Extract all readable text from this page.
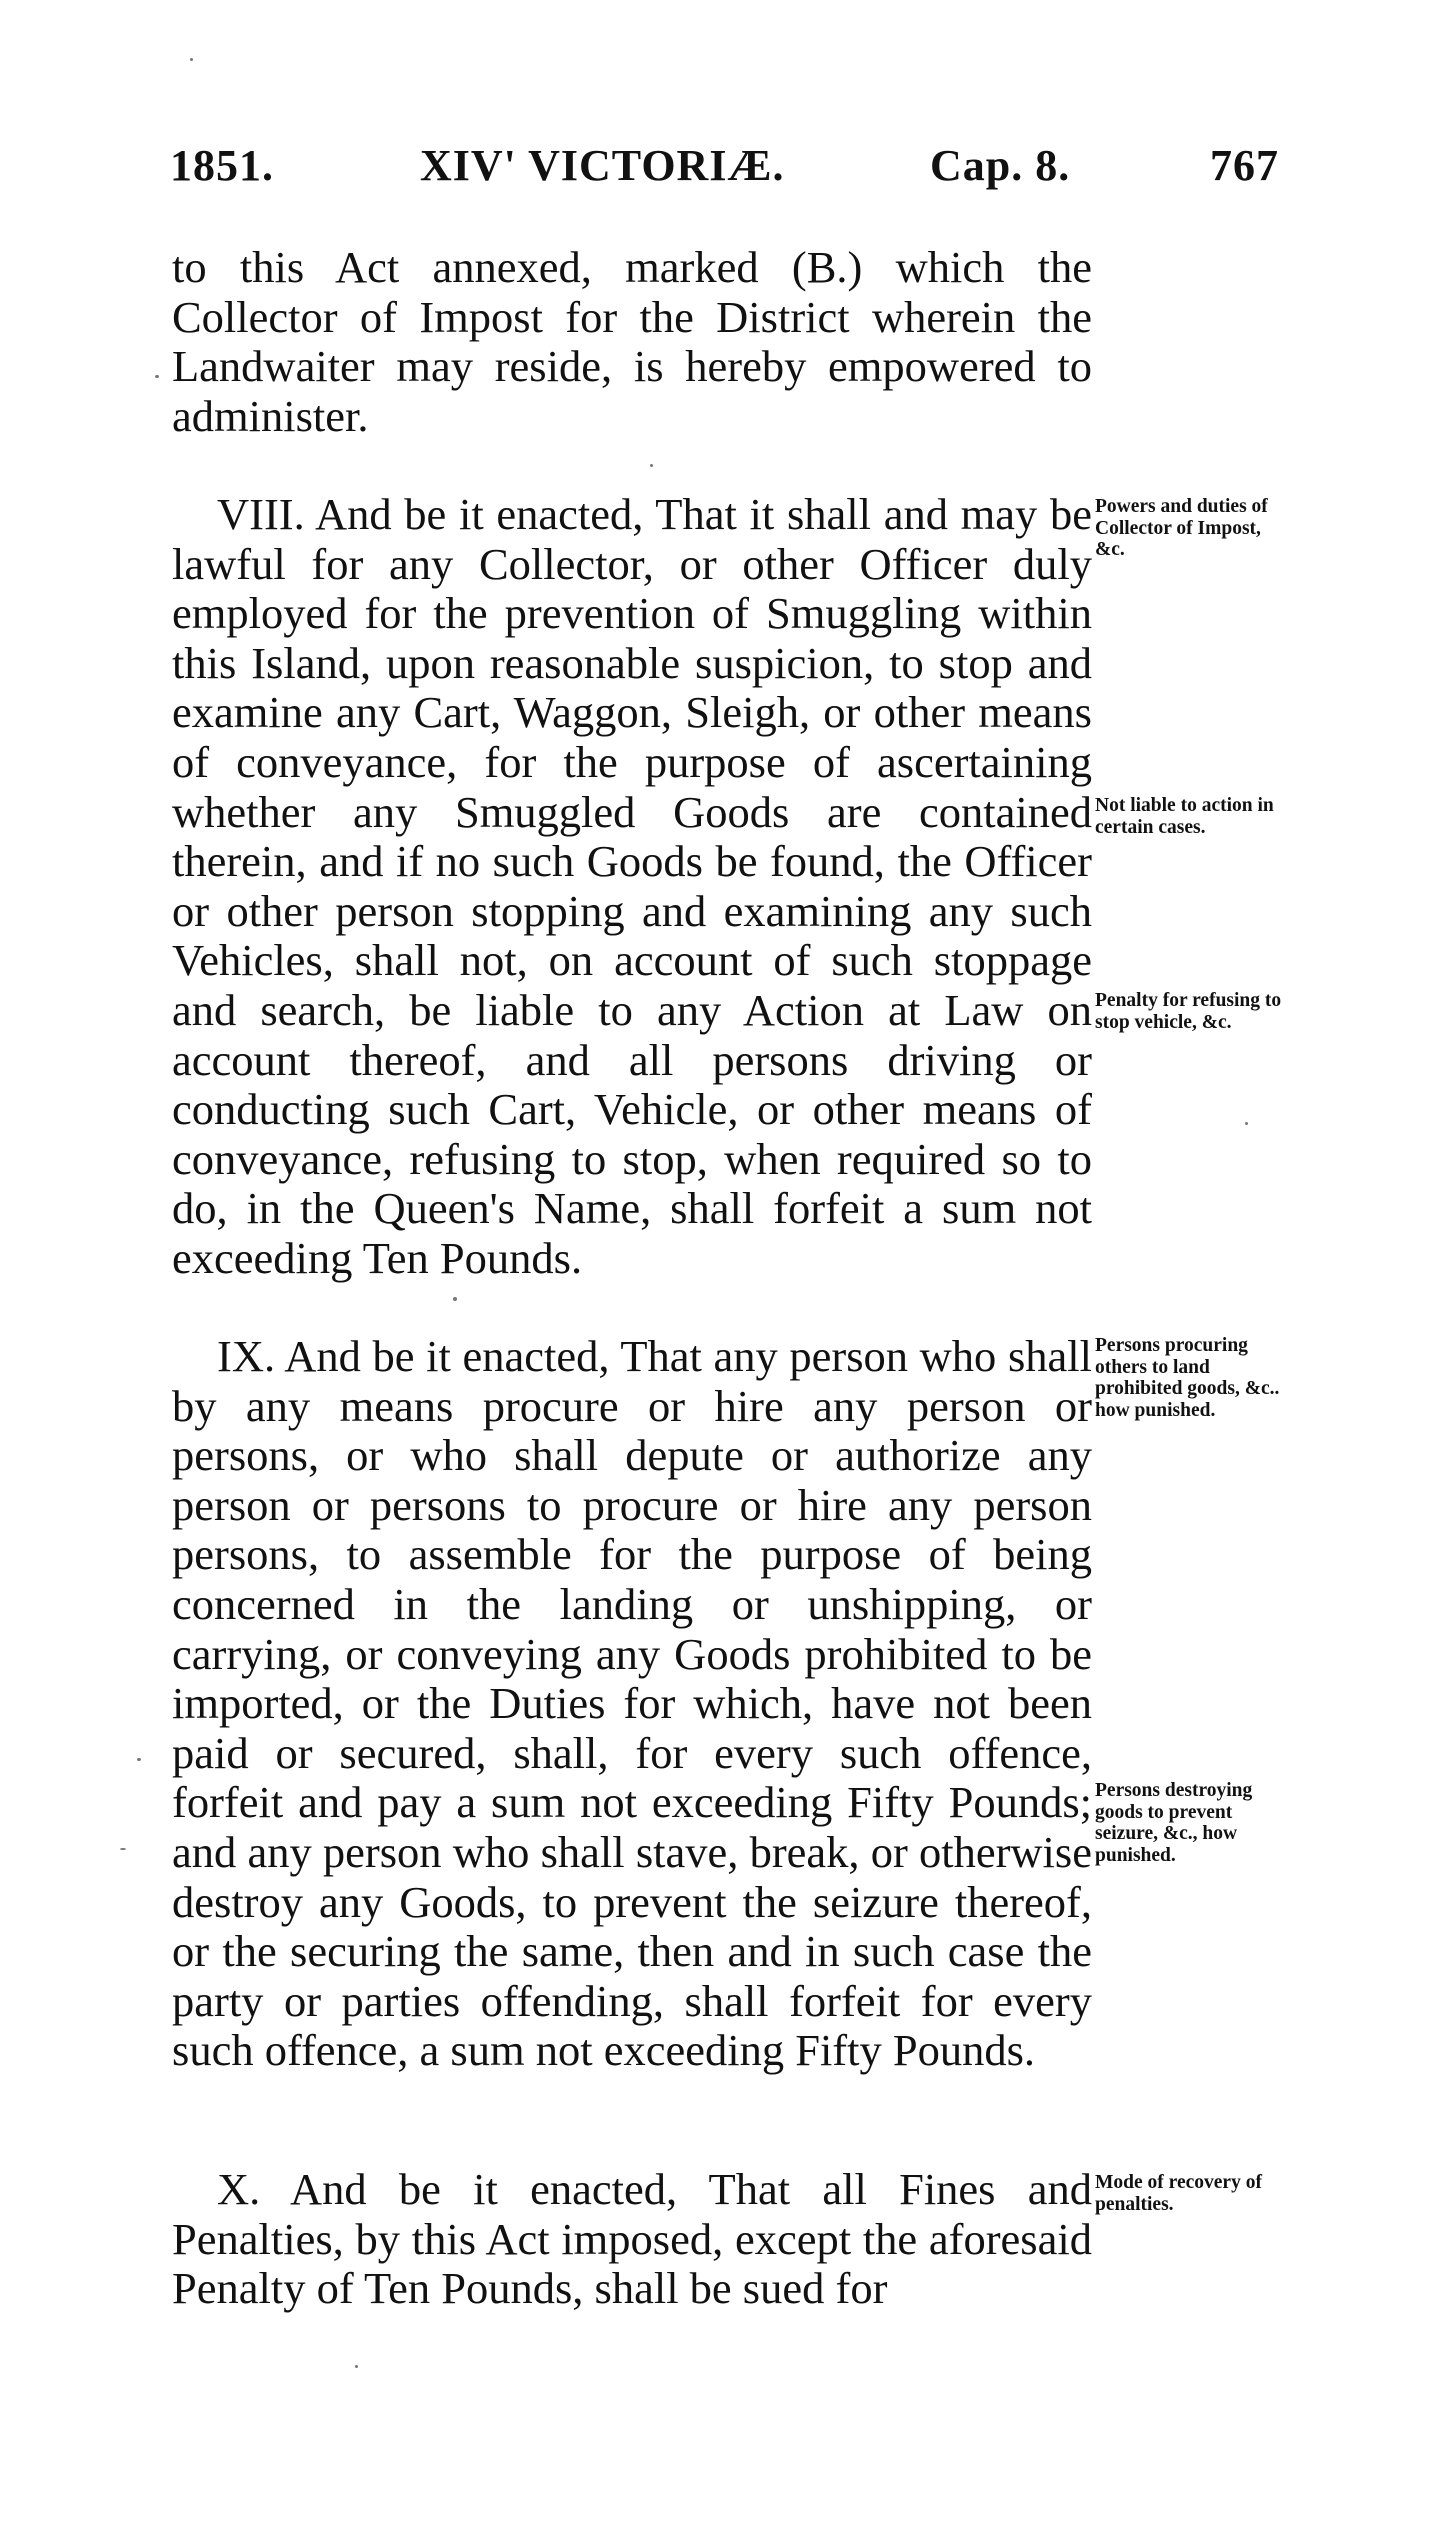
1851.	XIV' VICTORIÆ.	Cap. 8.	767

to this Act annexed, marked (B.) which the Collector of Impost for the District wherein the Landwaiter may reside, is hereby empowered to administer.

VIII. And be it enacted, That it shall and may be lawful for any Collector, or other Officer duly employed for the prevention of Smuggling within this Island, upon reasonable suspicion, to stop and examine any Cart, Waggon, Sleigh, or other means of conveyance, for the purpose of ascertaining whether any Smuggled Goods are contained therein, and if no such Goods be found, the Officer or other person stopping and examining any such Vehicles, shall not, on account of such stoppage and search, be liable to any Action at Law on account thereof, and all persons driving or conducting such Cart, Vehicle, or other means of conveyance, refusing to stop, when required so to do, in the Queen's Name, shall forfeit a sum not exceeding Ten Pounds.

IX. And be it enacted, That any person who shall by any means procure or hire any person or persons, or who shall depute or authorize any person or persons to procure or hire any person persons, to assemble for the purpose of being concerned in the landing or unshipping, or carrying, or conveying any Goods prohibited to be imported, or the Duties for which, have not been paid or secured, shall, for every such offence, forfeit and pay a sum not exceeding Fifty Pounds; and any person who shall stave, break, or otherwise destroy any Goods, to prevent the seizure thereof, or the securing the same, then and in such case the party or parties offending, shall forfeit for every such offence, a sum not exceeding Fifty Pounds.

X. And be it enacted, That all Fines and Penalties, by this Act imposed, except the aforesaid Penalty of Ten Pounds, shall be sued for

Powers and duties of Collector of Impost, &c.
Not liable to action in certain cases.
Penalty for refusing to stop vehicle, &c.
Persons procuring others to land prohibited goods, &c.. how punished.
Persons destroying goods to prevent seizure, &c., how punished.
Mode of recovery of penalties.
